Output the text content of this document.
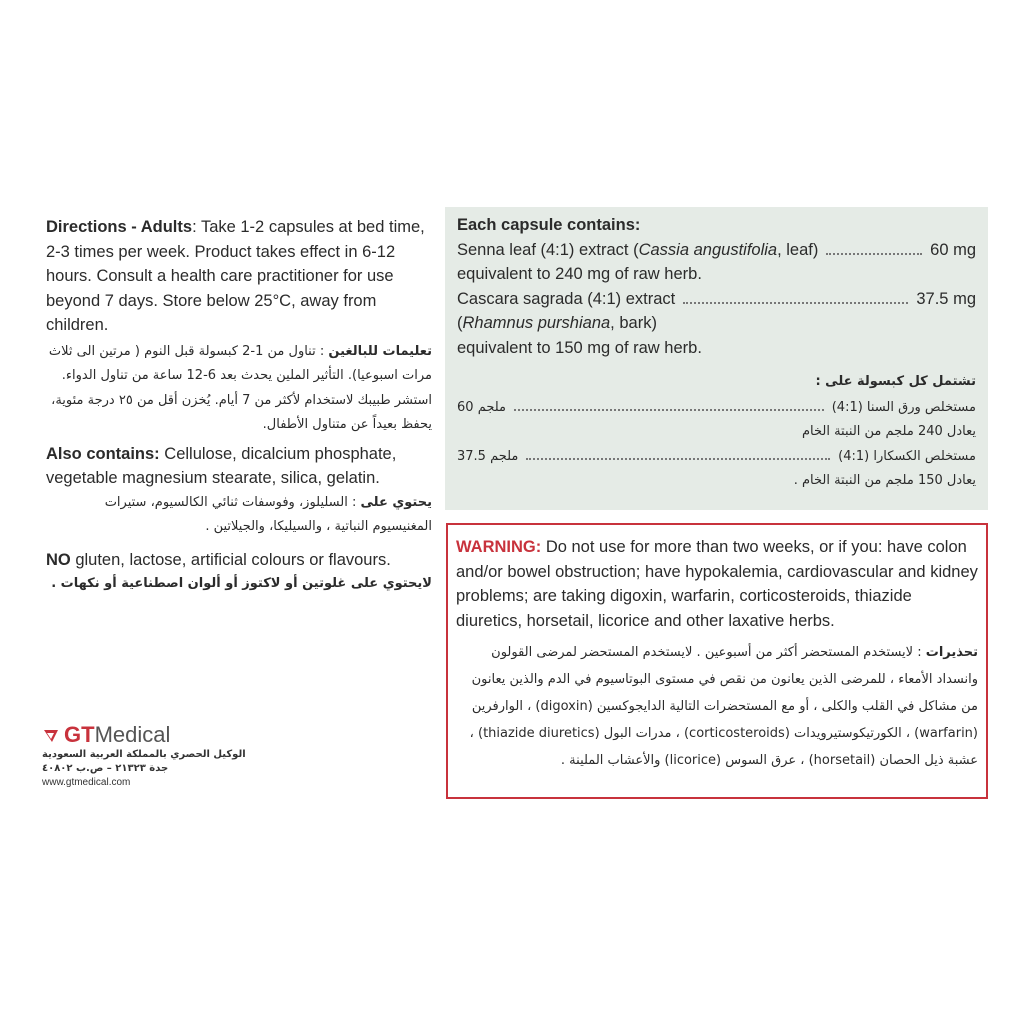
Directions - Adults: Take 1-2 capsules at bed time, 2-3 times per week. Product takes effect in 6-12 hours. Consult a health care practitioner for use beyond 7 days. Store below 25°C, away from children.

تعليمات للبالغين : تناول من 1-2 كبسولة قبل النوم ( مرتين الى ثلاث مرات اسبوعيا). التأثير الملين يحدث بعد 6-12 ساعة من تناول الدواء. استشر طبيبك لاستخدام لأكثر من 7 أيام. يُخزن أقل من ٢٥ درجة مئوية، يحفظ بعيداً عن متناول الأطفال.

Also contains: Cellulose, dicalcium phosphate, vegetable magnesium stearate, silica, gelatin.

يحتوي على : السليلوز، وفوسفات ثنائي الكالسيوم، ستيرات المغنيسيوم النباتية ، والسيليكا، والجيلاتين .

NO gluten, lactose, artificial colours or flavours.

لايحتوي على غلوتين أو لاكتوز أو ألوان اصطناعية أو نكهات .

GT Medical

الوكيل الحصري بالمملكة العربية السعودية

جدة ٢١٣٢٣ – ص.ب ٤٠٨٠٢

www.gtmedical.com

Each capsule contains:

Senna leaf (4:1) extract (Cassia angustifolia, leaf)	60 mg

equivalent to 240 mg of raw herb.

Cascara sagrada (4:1) extract	37.5 mg

(Rhamnus purshiana, bark)

equivalent to 150 mg of raw herb.

تشتمل كل كبسولة على :

مستخلص ورق السنا (4:1)
60 ملجم

يعادل 240 ملجم من النبتة الخام

مستخلص الكسكارا (4:1)
37.5 ملجم

يعادل 150 ملجم من النبتة الخام .

WARNING: Do not use for more than two weeks, or if you: have colon and/or bowel obstruction; have hypokalemia, cardiovascular and kidney problems; are taking digoxin, warfarin, corticosteroids, thiazide diuretics, horsetail, licorice and other laxative herbs.

تحذيرات : لايستخدم المستحضر أكثر من أسبوعين . لايستخدم المستحضر لمرضى القولون وانسداد الأمعاء ، للمرضى الذين يعانون من نقص في مستوى البوتاسيوم في الدم والذين يعانون من مشاكل في القلب والكلى ، أو مع المستحضرات التالية الدايجوكسين (digoxin) ، الوارفرين (warfarin) ، الكورتيكوستيرويدات (corticosteroids) ، مدرات البول (thiazide diuretics) ، عشبة ذيل الحصان (horsetail) ، عرق السوس (licorice) والأعشاب الملينة .
